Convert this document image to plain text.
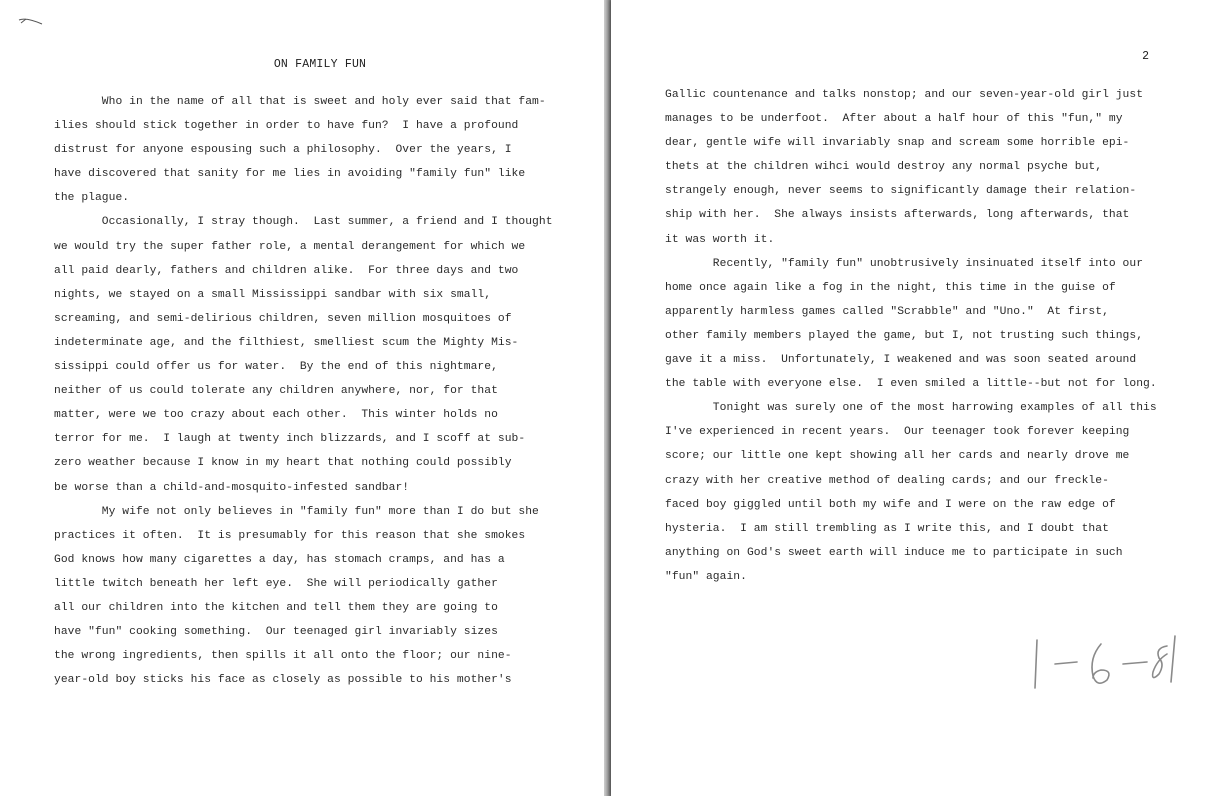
ON FAMILY FUN
Who in the name of all that is sweet and holy ever said that fam-
ilies should stick together in order to have fun?  I have a profound
distrust for anyone espousing such a philosophy.  Over the years, I
have discovered that sanity for me lies in avoiding "family fun" like
the plague.
Occasionally, I stray though.  Last summer, a friend and I thought
we would try the super father role, a mental derangement for which we
all paid dearly, fathers and children alike.  For three days and two
nights, we stayed on a small Mississippi sandbar with six small,
screaming, and semi-delirious children, seven million mosquitoes of
indeterminate age, and the filthiest, smelliest scum the Mighty Mis-
sissippi could offer us for water.  By the end of this nightmare,
neither of us could tolerate any children anywhere, nor, for that
matter, were we too crazy about each other.  This winter holds no
terror for me.  I laugh at twenty inch blizzards, and I scoff at sub-
zero weather because I know in my heart that nothing could possibly
be worse than a child-and-mosquito-infested sandbar!
My wife not only believes in "family fun" more than I do but she
practices it often.  It is presumably for this reason that she smokes
God knows how many cigarettes a day, has stomach cramps, and has a
little twitch beneath her left eye.  She will periodically gather
all our children into the kitchen and tell them they are going to
have "fun" cooking something.  Our teenaged girl invariably sizes
the wrong ingredients, then spills it all onto the floor; our nine-
year-old boy sticks his face as closely as possible to his mother's
2
Gallic countenance and talks nonstop; and our seven-year-old girl just
manages to be underfoot.  After about a half hour of this "fun," my
dear, gentle wife will invariably snap and scream some horrible epi-
thets at the children wihci would destroy any normal psyche but,
strangely enough, never seems to significantly damage their relation-
ship with her.  She always insists afterwards, long afterwards, that
it was worth it.
Recently, "family fun" unobtrusively insinuated itself into our
home once again like a fog in the night, this time in the guise of
apparently harmless games called "Scrabble" and "Uno."  At first,
other family members played the game, but I, not trusting such things,
gave it a miss.  Unfortunately, I weakened and was soon seated around
the table with everyone else.  I even smiled a little--but not for long.
Tonight was surely one of the most harrowing examples of all this
I've experienced in recent years.  Our teenager took forever keeping
score; our little one kept showing all her cards and nearly drove me
crazy with her creative method of dealing cards; and our freckle-
faced boy giggled until both my wife and I were on the raw edge of
hysteria.  I am still trembling as I write this, and I doubt that
anything on God's sweet earth will induce me to participate in such
"fun" again.
